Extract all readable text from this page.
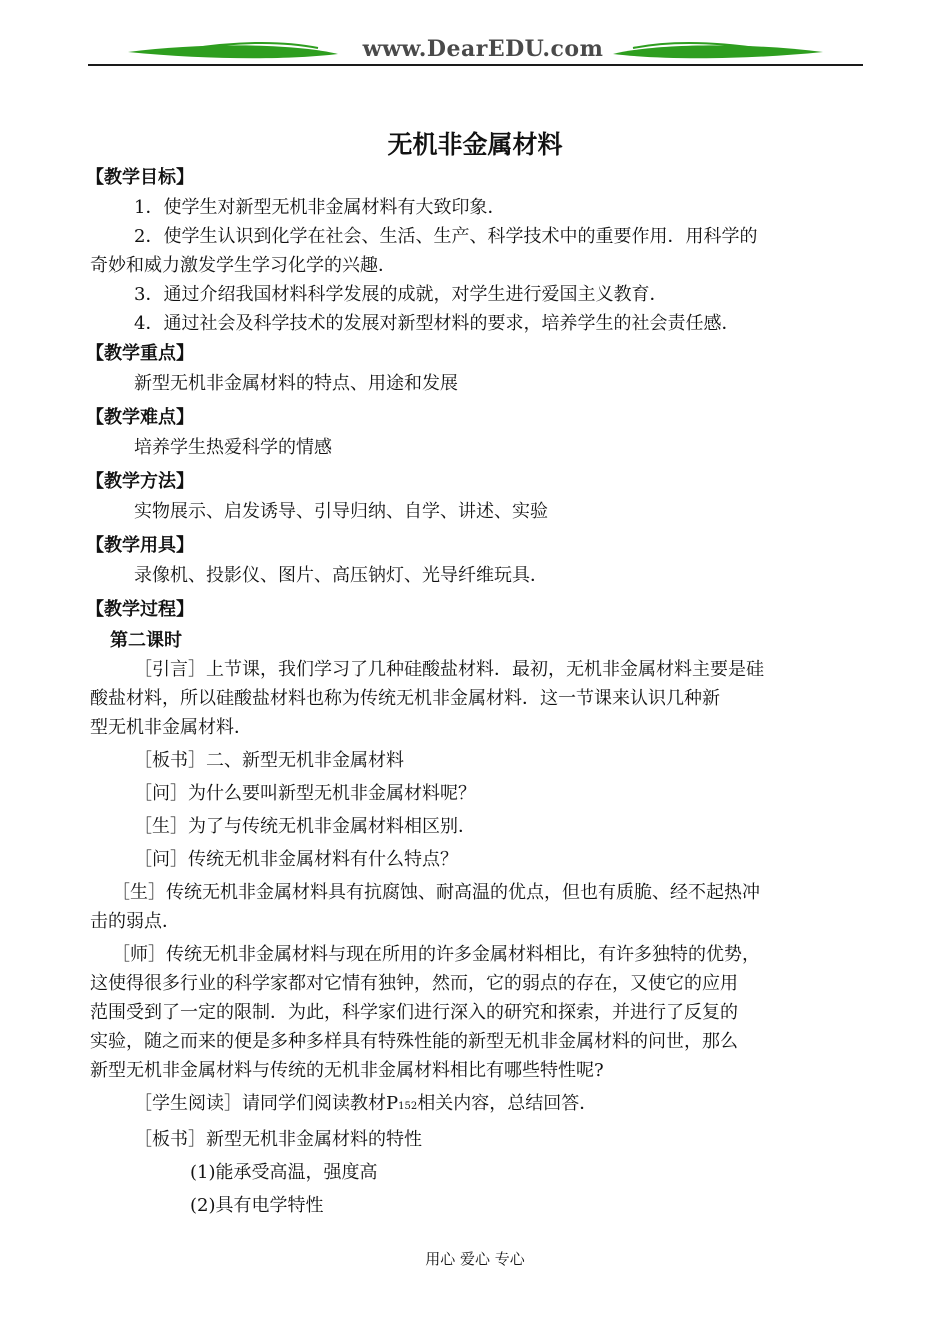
www.DearEDU.com
无机非金属材料
【教学目标】
1．使学生对新型无机非金属材料有大致印象．
2．使学生认识到化学在社会、生活、生产、科学技术中的重要作用．用科学的
奇妙和威力激发学生学习化学的兴趣．
3．通过介绍我国材料科学发展的成就，对学生进行爱国主义教育．
4．通过社会及科学技术的发展对新型材料的要求，培养学生的社会责任感．
【教学重点】
新型无机非金属材料的特点、用途和发展
【教学难点】
培养学生热爱科学的情感
【教学方法】
实物展示、启发诱导、引导归纳、自学、讲述、实验
【教学用具】
录像机、投影仪、图片、高压钠灯、光导纤维玩具．
【教学过程】
第二课时
［引言］上节课，我们学习了几种硅酸盐材料．最初，无机非金属材料主要是硅
酸盐材料，所以硅酸盐材料也称为传统无机非金属材料．这一节课来认识几种新
型无机非金属材料．
［板书］二、新型无机非金属材料
［问］为什么要叫新型无机非金属材料呢？
［生］为了与传统无机非金属材料相区别．
［问］传统无机非金属材料有什么特点？
［生］传统无机非金属材料具有抗腐蚀、耐高温的优点，但也有质脆、经不起热冲
击的弱点．
［师］传统无机非金属材料与现在所用的许多金属材料相比，有许多独特的优势，
这使得很多行业的科学家都对它情有独钟，然而，它的弱点的存在，又使它的应用
范围受到了一定的限制．为此，科学家们进行深入的研究和探索，并进行了反复的
实验，随之而来的便是多种多样具有特殊性能的新型无机非金属材料的问世，那么
新型无机非金属材料与传统的无机非金属材料相比有哪些特性呢?
［学生阅读］请同学们阅读教材P152相关内容，总结回答．
［板书］新型无机非金属材料的特性
(1)能承受高温，强度高
(2)具有电学特性
用心 爱心 专心
